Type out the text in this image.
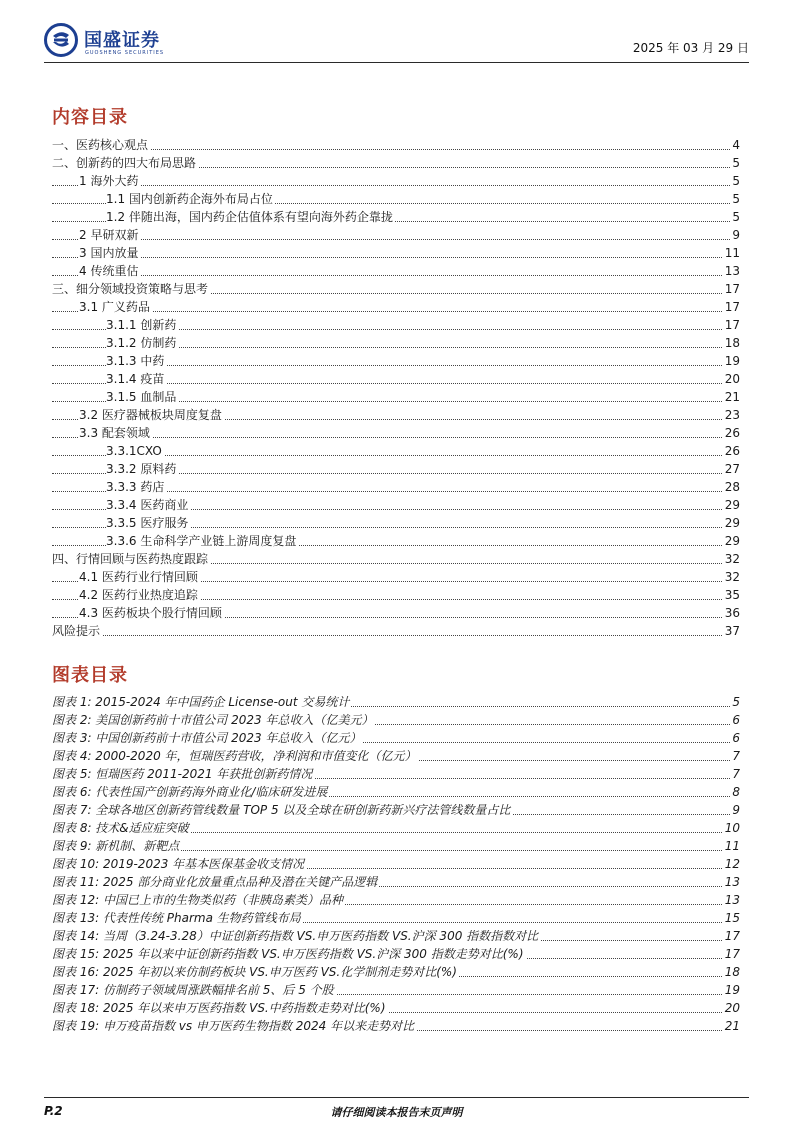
国盛证券
GUOSHENG SECURITIES	2025 年 03 月 29 日
内容目录
一、医药核心观点	4
二、创新药的四大布局思路	5
1 海外大药	5
1.1 国内创新药企海外布局占位	5
1.2 伴随出海，国内药企估值体系有望向海外药企靠拢	5
2 早研双新	9
3 国内放量	11
4 传统重估	13
三、细分领域投资策略与思考	17
3.1 广义药品	17
3.1.1 创新药	17
3.1.2 仿制药	18
3.1.3 中药	19
3.1.4 疫苗	20
3.1.5 血制品	21
3.2 医疗器械板块周度复盘	23
3.3 配套领域	26
3.3.1CXO	26
3.3.2 原料药	27
3.3.3 药店	28
3.3.4 医药商业	29
3.3.5 医疗服务	29
3.3.6 生命科学产业链上游周度复盘	29
四、行情回顾与医药热度跟踪	32
4.1 医药行业行情回顾	32
4.2 医药行业热度追踪	35
4.3 医药板块个股行情回顾	36
风险提示	37
图表目录
图表 1: 2015-2024 年中国药企 License-out 交易统计	5
图表 2: 美国创新药前十市值公司 2023 年总收入（亿美元）	6
图表 3: 中国创新药前十市值公司 2023 年总收入（亿元）	6
图表 4: 2000-2020 年，恒瑞医药营收，净利润和市值变化（亿元）	7
图表 5: 恒瑞医药 2011-2021 年获批创新药情况	7
图表 6: 代表性国产创新药海外商业化/临床研发进展	8
图表 7: 全球各地区创新药管线数量 TOP 5 以及全球在研创新药新兴疗法管线数量占比	9
图表 8: 技术&适应症突破	10
图表 9: 新机制、新靶点	11
图表 10: 2019-2023 年基本医保基金收支情况	12
图表 11: 2025 部分商业化放量重点品种及潜在关键产品逻辑	13
图表 12: 中国已上市的生物类似药（非胰岛素类）品种	13
图表 13: 代表性传统 Pharma 生物药管线布局	15
图表 14: 当周（3.24-3.28）中证创新药指数 VS.申万医药指数 VS.沪深 300 指数指数对比	17
图表 15: 2025 年以来中证创新药指数 VS.申万医药指数 VS.沪深 300 指数走势对比(%)	17
图表 16: 2025 年初以来仿制药板块 VS.申万医药 VS.化学制剂走势对比(%)	18
图表 17: 仿制药子领域周涨跌幅排名前 5、后 5 个股	19
图表 18: 2025 年以来申万医药指数 VS.中药指数走势对比(%)	20
图表 19: 申万疫苗指数 vs 申万医药生物指数 2024 年以来走势对比	21
P.2	请仔细阅读本报告末页声明
